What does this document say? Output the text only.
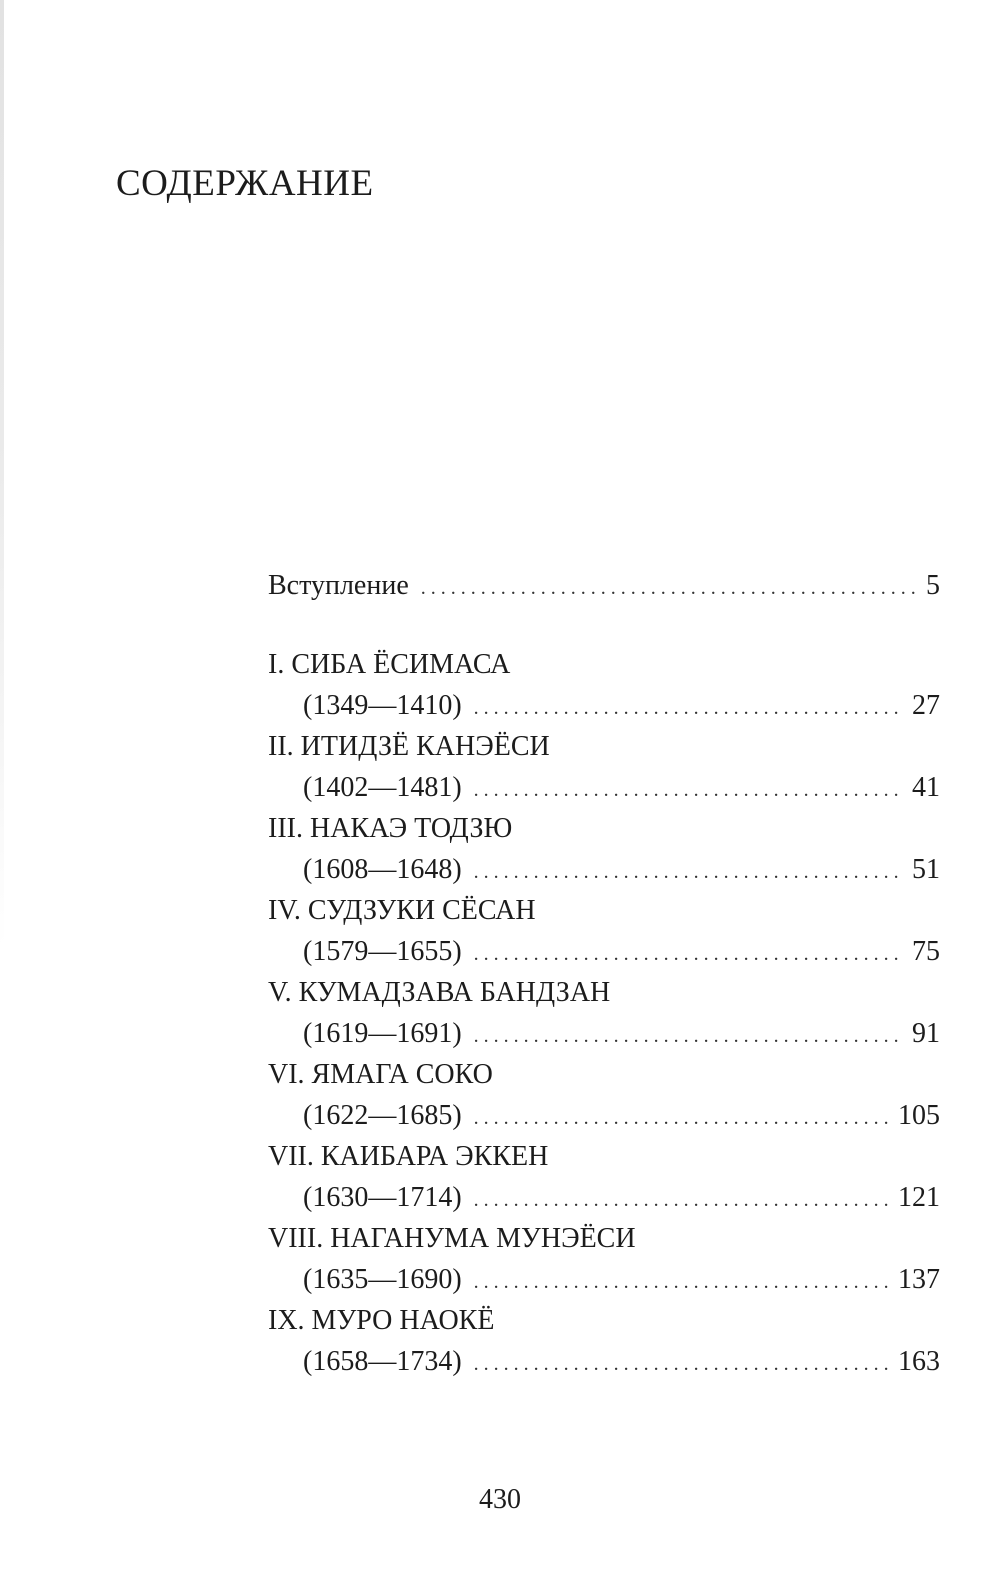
СОДЕРЖАНИЕ
Вступление . . .	5
I. СИБА ЁСИМАСА
(1349—1410) . . .	27
II. ИТИДЗЁ КАНЭЁСИ
(1402—1481) . . .	41
III. НАКАЭ ТОДЗЮ
(1608—1648) . . .	51
IV. СУДЗУКИ СЁСАН
(1579—1655) . . .	75
V. КУМАДЗАВА БАНДЗАН
(1619—1691) . . .	91
VI. ЯМАГА СОКО
(1622—1685) . . .	105
VII. КАИБАРА ЭККЕН
(1630—1714) . . .	121
VIII. НАГАНУМА МУНЭЁСИ
(1635—1690) . . .	137
IX. МУРО НАОКЁ
(1658—1734) . . .	163
430
